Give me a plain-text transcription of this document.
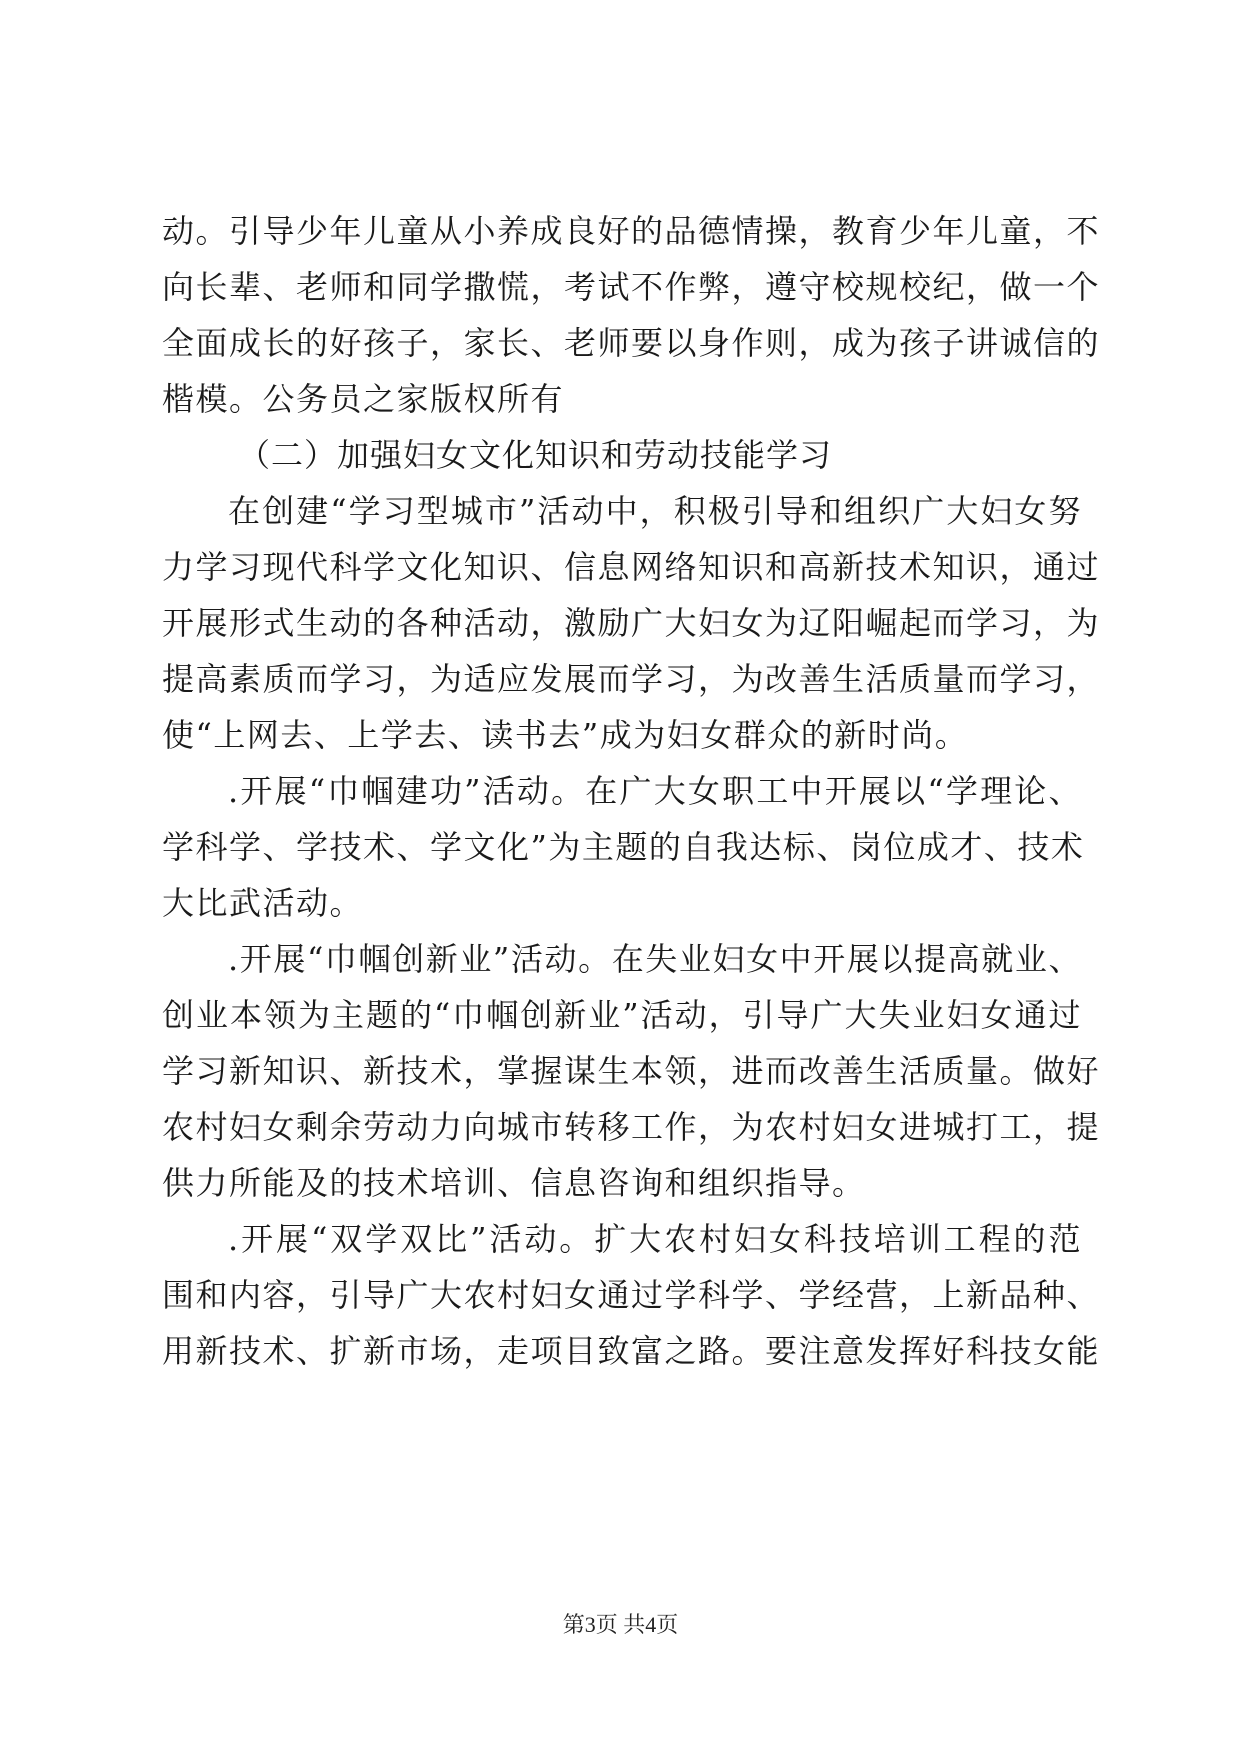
动。引导少年儿童从小养成良好的品德情操，教育少年儿童，不
向长辈、老师和同学撒慌，考试不作弊，遵守校规校纪，做一个
全面成长的好孩子，家长、老师要以身作则，成为孩子讲诚信的
楷模。公务员之家版权所有
（二）加强妇女文化知识和劳动技能学习
在创建“学习型城市”活动中，积极引导和组织广大妇女努
力学习现代科学文化知识、信息网络知识和高新技术知识，通过
开展形式生动的各种活动，激励广大妇女为辽阳崛起而学习，为
提高素质而学习，为适应发展而学习，为改善生活质量而学习，
使“上网去、上学去、读书去”成为妇女群众的新时尚。
.开展“巾帼建功”活动。在广大女职工中开展以“学理论、
学科学、学技术、学文化”为主题的自我达标、岗位成才、技术
大比武活动。
.开展“巾帼创新业”活动。在失业妇女中开展以提高就业、
创业本领为主题的“巾帼创新业”活动，引导广大失业妇女通过
学习新知识、新技术，掌握谋生本领，进而改善生活质量。做好
农村妇女剩余劳动力向城市转移工作，为农村妇女进城打工，提
供力所能及的技术培训、信息咨询和组织指导。
.开展“双学双比”活动。扩大农村妇女科技培训工程的范
围和内容，引导广大农村妇女通过学科学、学经营，上新品种、
用新技术、扩新市场，走项目致富之路。要注意发挥好科技女能
第3页 共4页
